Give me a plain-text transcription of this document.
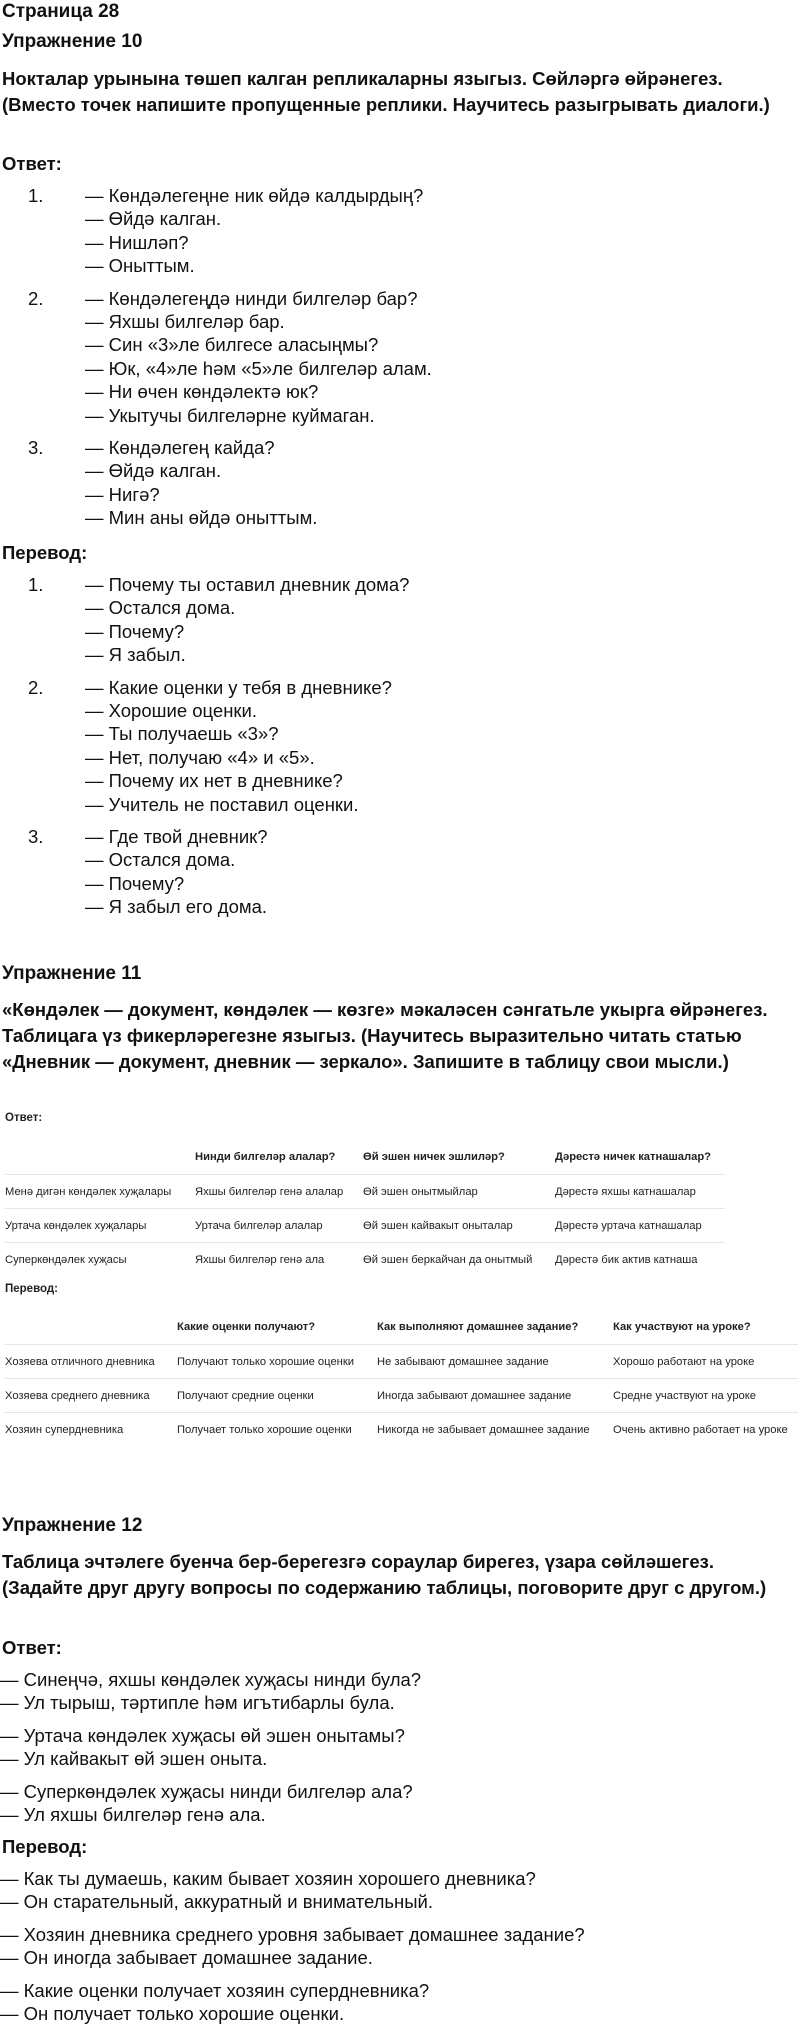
Страница 28
Упражнение 10
Нокталар урынына төшеп калган репликаларны языгыз. Сөйләргә өйрәнегез. (Вместо точек напишите пропущенные реплики. Научитесь разыгрывать диалоги.)
Ответ:
1. — Көндәлегеңне ник өйдә калдырдың?
— Өйдә калган.
— Нишләп?
— Оныттым.
2. — Көндәлегеңдә нинди билгеләр бар?
— Яхшы билгеләр бар.
— Син «3»ле билгесе аласыңмы?
— Юк, «4»ле һәм «5»ле билгеләр алам.
— Ни өчен көндәлектә юк?
— Укытучы билгеләрне куймаган.
3. — Көндәлегең кайда?
— Өйдә калган.
— Нигә?
— Мин аны өйдә оныттым.
Перевод:
1. — Почему ты оставил дневник дома?
— Остался дома.
— Почему?
— Я забыл.
2. — Какие оценки у тебя в дневнике?
— Хорошие оценки.
— Ты получаешь «3»?
— Нет, получаю «4» и «5».
— Почему их нет в дневнике?
— Учитель не поставил оценки.
3. — Где твой дневник?
— Остался дома.
— Почему?
— Я забыл его дома.
Упражнение 11
«Көндәлек — документ, көндәлек — көзге» мәкаләсен сәнгатьле укырга өйрәнегез. Таблицага үз фикерләрегезне языгыз. (Научитесь выразительно читать статью «Дневник — документ, дневник — зеркало». Запишите в таблицу свои мысли.)
Ответ:
	Нинди билгеләр алалар?	Өй эшен ничек эшлиләр?	Дәрестә ничек катнашалар?
Менә дигән көндәлек хуҗалары	Яхшы билгеләр генә алалар	Өй эшен онытмыйлар	Дәрестә яхшы катнашалар
Уртача көндәлек хуҗалары	Уртача билгеләр алалар	Өй эшен кайвакыт оныталар	Дәрестә уртача катнашалар
Суперкөндәлек хуҗасы	Яхшы билгеләр генә ала	Өй эшен беркайчан да онытмый	Дәрестә бик актив катнаша
Перевод:
	Какие оценки получают?	Как выполняют домашнее задание?	Как участвуют на уроке?
Хозяева отличного дневника	Получают только хорошие оценки	Не забывают домашнее задание	Хорошо работают на уроке
Хозяева среднего дневника	Получают средние оценки	Иногда забывают домашнее задание	Средне участвуют на уроке
Хозяин супердневника	Получает только хорошие оценки	Никогда не забывает домашнее задание	Очень активно работает на уроке
Упражнение 12
Таблица эчтәлеге буенча бер-берегезгә сораулар бирегез, үзара сөйләшегез. (Задайте друг другу вопросы по содержанию таблицы, поговорите друг с другом.)
Ответ:
— Синеңчә, яхшы көндәлек хуҗасы нинди була?
— Ул тырыш, тәртипле һәм игътибарлы була.
— Уртача көндәлек хуҗасы өй эшен онытамы?
— Ул кайвакыт өй эшен оныта.
— Суперкөндәлек хуҗасы нинди билгеләр ала?
— Ул яхшы билгеләр генә ала.
Перевод:
— Как ты думаешь, каким бывает хозяин хорошего дневника?
— Он старательный, аккуратный и внимательный.
— Хозяин дневника среднего уровня забывает домашнее задание?
— Он иногда забывает домашнее задание.
— Какие оценки получает хозяин супердневника?
— Он получает только хорошие оценки.
